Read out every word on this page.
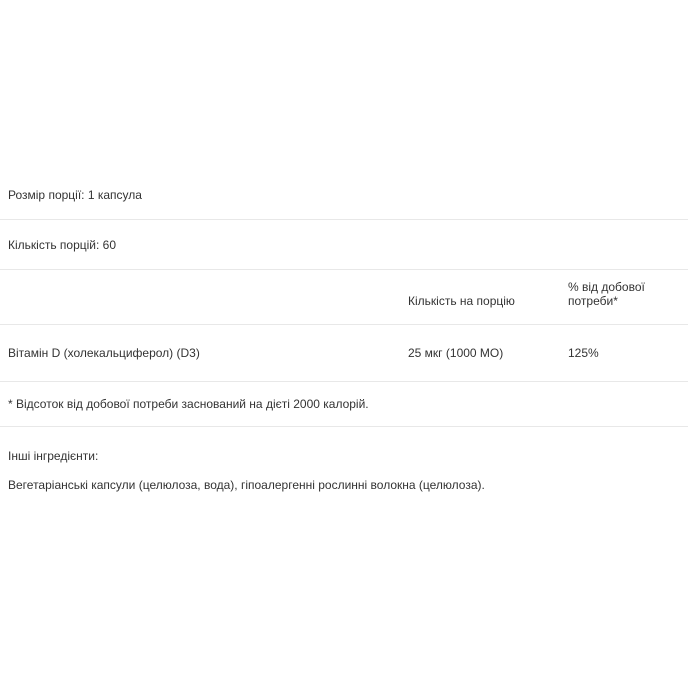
Розмір порції: 1 капсула
Кількість порцій: 60
Кількість на порцію
% від добової потреби*
Вітамін D (холекальциферол) (D3)	25 мкг (1000 МО)	125%
* Відсоток від добової потреби заснований на дієті 2000 калорій.
Інші інгредієнти:
Вегетаріанські капсули (целюлоза, вода), гіпоалергенні рослинні волокна (целюлоза).
